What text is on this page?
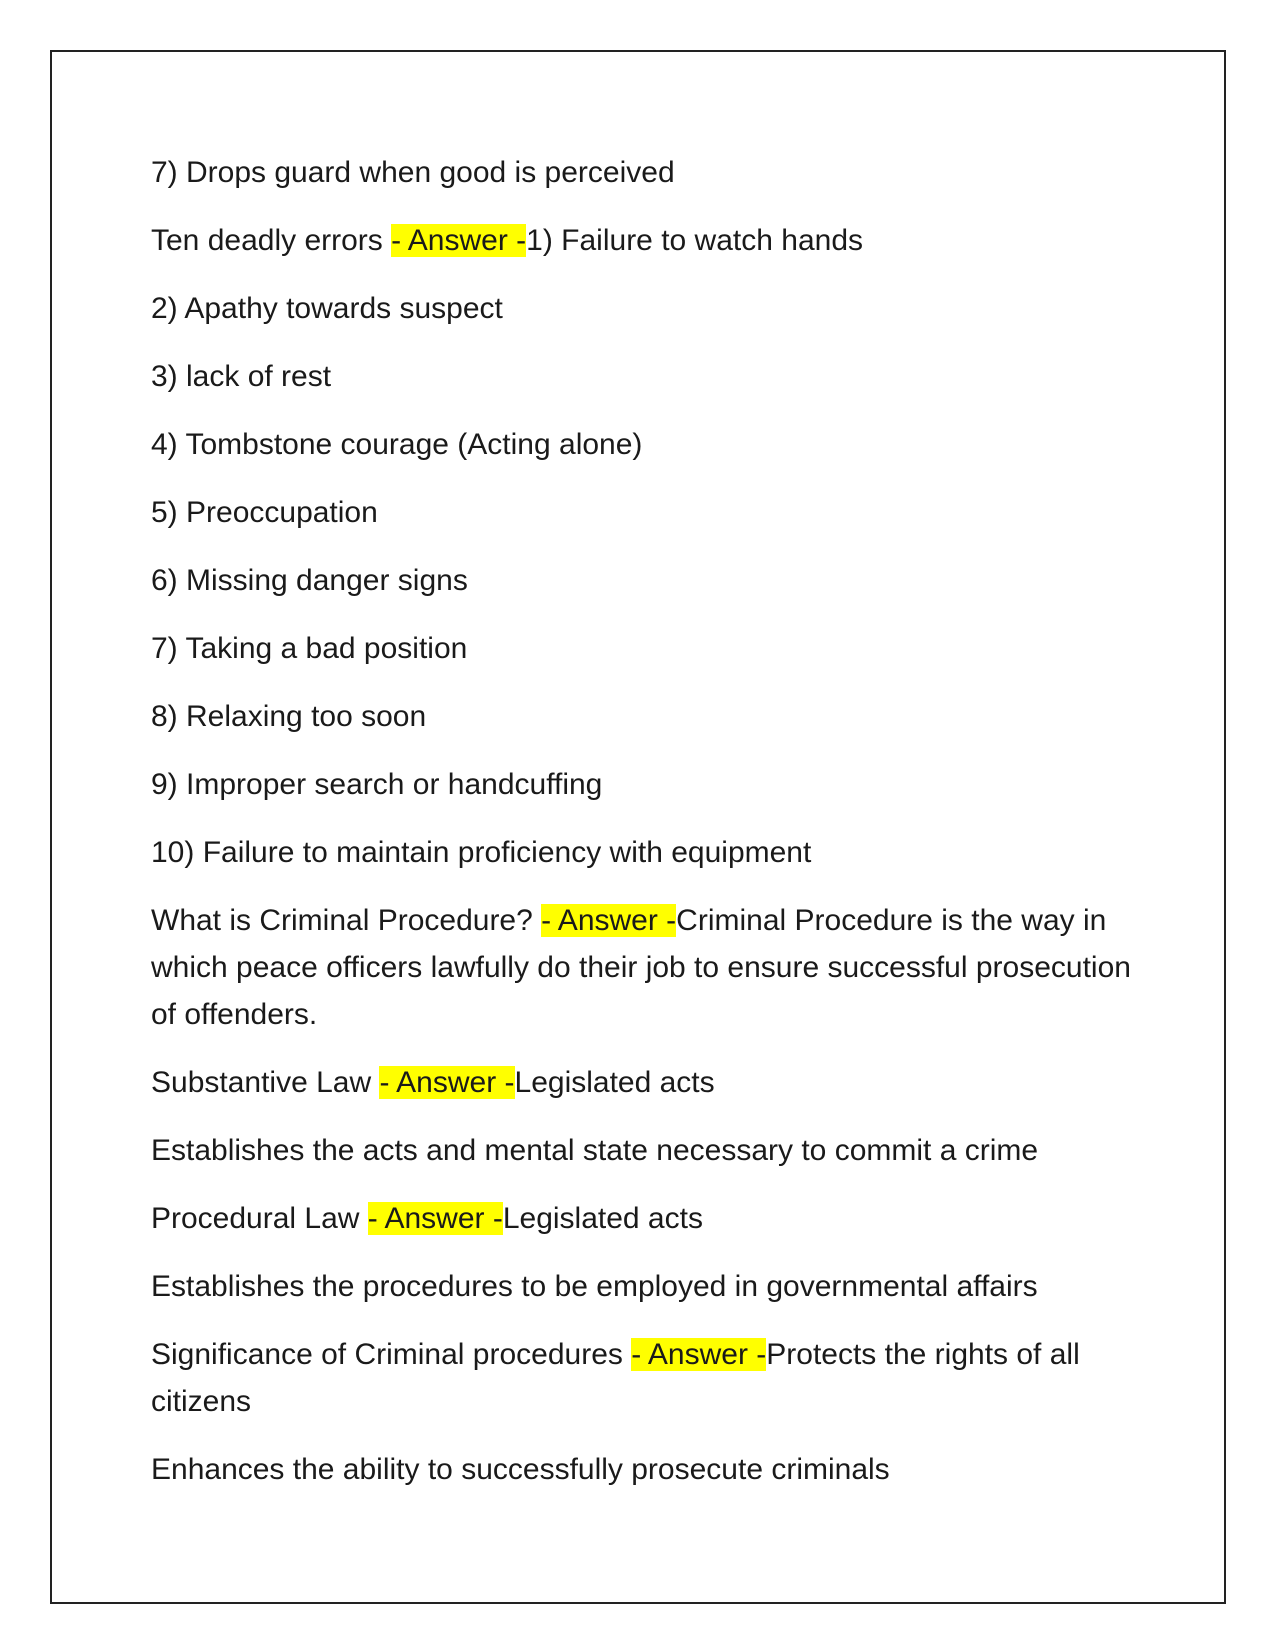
7) Drops guard when good is perceived

Ten deadly errors - Answer -1) Failure to watch hands

2) Apathy towards suspect

3) lack of rest

4) Tombstone courage (Acting alone)

5) Preoccupation

6) Missing danger signs

7) Taking a bad position

8) Relaxing too soon

9) Improper search or handcuffing

10) Failure to maintain proficiency with equipment

What is Criminal Procedure? - Answer -Criminal Procedure is the way in which peace officers lawfully do their job to ensure successful prosecution of offenders.

Substantive Law - Answer -Legislated acts

Establishes the acts and mental state necessary to commit a crime

Procedural Law - Answer -Legislated acts

Establishes the procedures to be employed in governmental affairs

Significance of Criminal procedures - Answer -Protects the rights of all citizens

Enhances the ability to successfully prosecute criminals
